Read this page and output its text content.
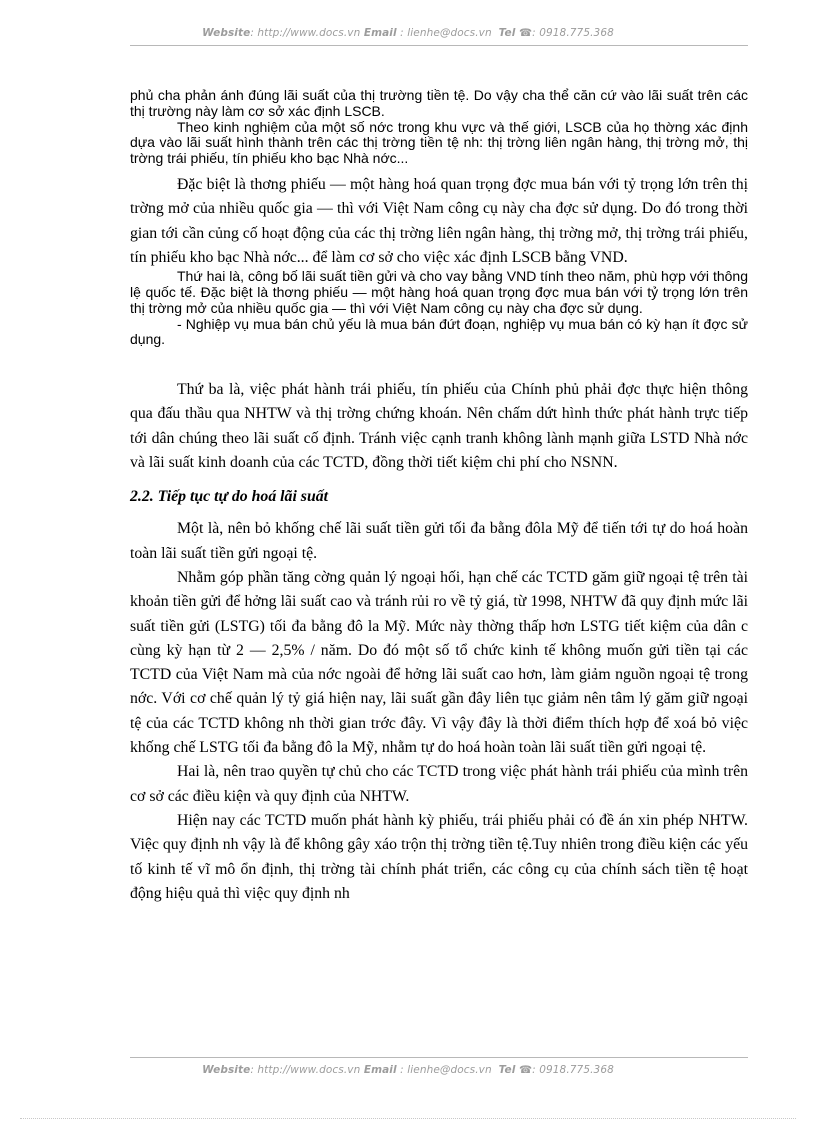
Website: http://www.docs.vn Email : lienhe@docs.vn Tel ☎: 0918.775.368

phủ cha phản ánh đúng lãi suất của thị trường tiền tệ. Do vậy cha thể căn cứ vào lãi suất trên các thị trường này làm cơ sở xác định LSCB.

Theo kinh nghiệm của một số nớc trong khu vực và thế giới, LSCB của họ thờng xác định dựa vào lãi suất hình thành trên các thị trờng tiền tệ nh: thị trờng liên ngân hàng, thị trờng mở, thị trờng trái phiếu, tín phiếu kho bạc Nhà nớc...

Đặc biệt là thơng phiếu — một hàng hoá quan trọng đợc mua bán với tỷ trọng lớn trên thị trờng mở của nhiều quốc gia — thì với Việt Nam công cụ này cha đợc sử dụng. Do đó trong thời gian tới cần củng cố hoạt động của các thị trờng liên ngân hàng, thị trờng mở, thị trờng trái phiếu, tín phiếu kho bạc Nhà nớc... để làm cơ sở cho việc xác định LSCB bằng VND.

Thứ hai là, công bố lãi suất tiền gửi và cho vay bằng VND tính theo năm, phù hợp với thông lệ quốc tế. Đặc biệt là thơng phiếu — một hàng hoá quan trọng đợc mua bán với tỷ trọng lớn trên thị trờng mở của nhiều quốc gia — thì với Việt Nam công cụ này cha đợc sử dụng.

- Nghiệp vụ mua bán chủ yếu là mua bán đứt đoạn, nghiệp vụ mua bán có kỳ hạn ít đợc sử dụng.

Thứ ba là, việc phát hành trái phiếu, tín phiếu của Chính phủ phải đợc thực hiện thông qua đấu thầu qua NHTW và thị trờng chứng khoán. Nên chấm dứt hình thức phát hành trực tiếp tới dân chúng theo lãi suất cố định. Tránh việc cạnh tranh không lành mạnh giữa LSTD Nhà nớc và lãi suất kinh doanh của các TCTD, đồng thời tiết kiệm chi phí cho NSNN.

2.2. Tiếp tục tự do hoá lãi suất

Một là, nên bỏ khống chế lãi suất tiền gửi tối đa bằng đôla Mỹ để tiến tới tự do hoá hoàn toàn lãi suất tiền gửi ngoại tệ.

Nhằm góp phần tăng cờng quản lý ngoại hối, hạn chế các TCTD găm giữ ngoại tệ trên tài khoản tiền gửi để hởng lãi suất cao và tránh rủi ro về tỷ giá, từ 1998, NHTW đã quy định mức lãi suất tiền gửi (LSTG) tối đa bằng đô la Mỹ. Mức này thờng thấp hơn LSTG tiết kiệm của dân c cùng kỳ hạn từ 2 — 2,5% / năm. Do đó một số tổ chức kinh tế không muốn gửi tiền tại các TCTD của Việt Nam mà của nớc ngoài để hởng lãi suất cao hơn, làm giảm nguồn ngoại tệ trong nớc. Với cơ chế quản lý tỷ giá hiện nay, lãi suất gần đây liên tục giảm nên tâm lý găm giữ ngoại tệ của các TCTD không nh thời gian trớc đây. Vì vậy đây là thời điểm thích hợp để xoá bỏ việc khống chế LSTG tối đa bằng đô la Mỹ, nhằm tự do hoá hoàn toàn lãi suất tiền gửi ngoại tệ.

Hai là, nên trao quyền tự chủ cho các TCTD trong việc phát hành trái phiếu của mình trên cơ sở các điều kiện và quy định của NHTW.

Hiện nay các TCTD muốn phát hành kỳ phiếu, trái phiếu phải có đề án xin phép NHTW. Việc quy định nh vậy là để không gây xáo trộn thị trờng tiền tệ.Tuy nhiên trong điều kiện các yếu tố kinh tế vĩ mô ổn định, thị trờng tài chính phát triển, các công cụ của chính sách tiền tệ hoạt động hiệu quả thì việc quy định nh

Website: http://www.docs.vn Email : lienhe@docs.vn Tel ☎: 0918.775.368
